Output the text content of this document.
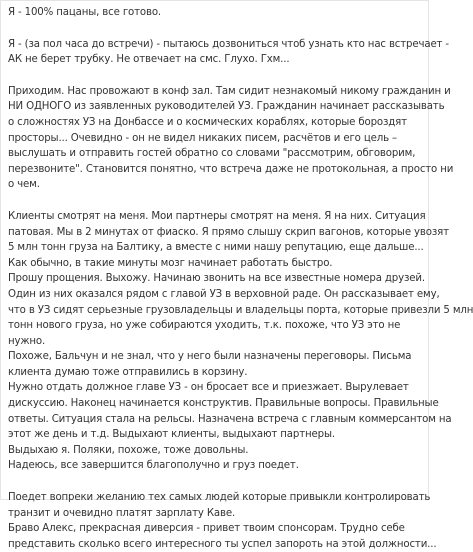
Я - 100% пацаны, все готово.
Я - (за пол часа до встречи) - пытаюсь дозвониться чтоб узнать кто нас встречает -
АК не берет трубку. Не отвечает на смс. Глухо. Гхм...
Приходим. Нас провожают в конф зал. Там сидит незнакомый никому гражданин и
НИ ОДНОГО из заявленных руководителей УЗ. Гражданин начинает рассказывать
о сложностях УЗ на Донбассе и о космических кораблях, которые бороздят
просторы... Очевидно - он не видел никаких писем, расчётов и его цель –
выслушать и отправить гостей обратно со словами "рассмотрим, обговорим,
перезвоните". Становится понятно, что встреча даже не протокольная, а просто ни
о чем.
Клиенты смотрят на меня. Мои партнеры смотрят на меня. Я на них. Ситуация
патовая. Мы в 2 минутах от фиаско. Я прямо слышу скрип вагонов, которые увозят
5 млн тонн груза на Балтику, а вместе с ними нашу репутацию, еще дальше...
Как обычно, в такие минуты мозг начинает работать быстро.
Прошу прощения. Выхожу. Начинаю звонить на все известные номера друзей.
Один из них оказался рядом с главой УЗ в верховной раде. Он рассказывает ему,
что в УЗ сидят серьезные грузовладельцы и владельцы порта, которые привезли 5 млн
тонн нового груза, но уже собираются уходить, т.к. похоже, что УЗ это не
нужно.
Похоже, Бальчун и не знал, что у него были назначены переговоры. Письма
клиента думаю тоже отправились в корзину.
Нужно отдать должное главе УЗ - он бросает все и приезжает. Вырулевает
дискуссию. Наконец начинается конструктив. Правильные вопросы. Правильные
ответы. Ситуация стала на рельсы. Назначена встреча с главным коммерсантом на
этот же день и т.д. Выдыхают клиенты, выдыхают партнеры.
Выдыхаю я. Поляки, похоже, тоже довольны.
Надеюсь, все завершится благополучно и груз поедет.
Поедет вопреки желанию тех самых людей которые привыкли контролировать
транзит и очевидно платят зарплату Каве.
Браво Алекс, прекрасная диверсия - привет твоим спонсорам. Трудно себе
представить сколько всего интересного ты успел запороть на этой должности...
